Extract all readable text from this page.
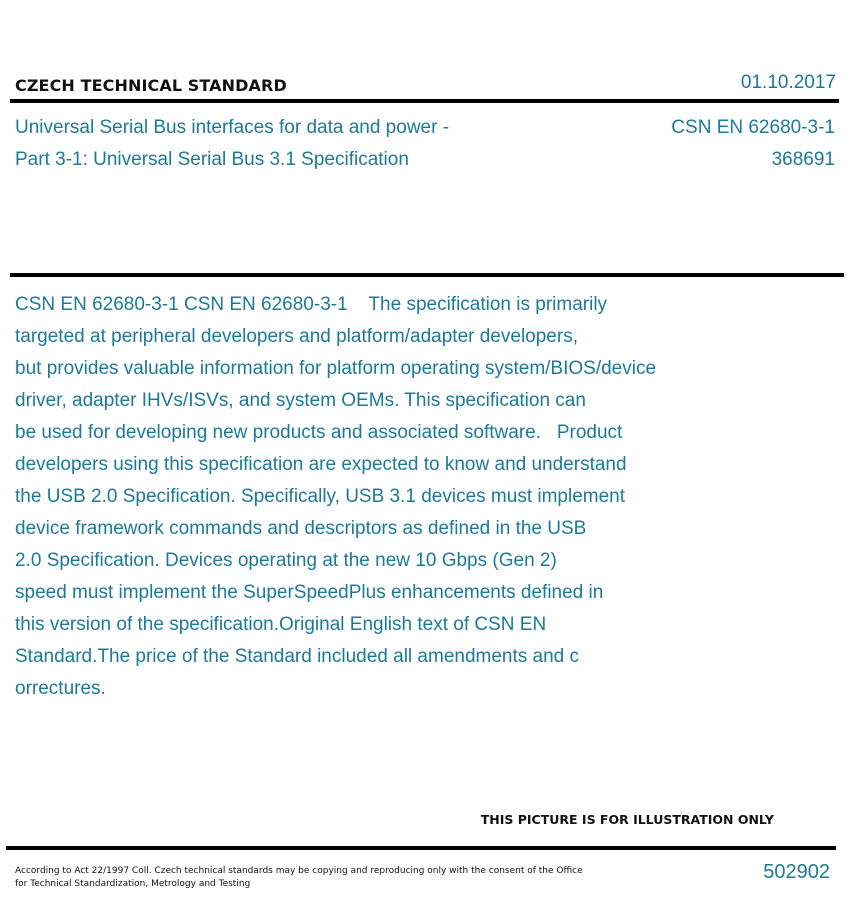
CZECH TECHNICAL STANDARD	01.10.2017
Universal Serial Bus interfaces for data and power -
Part 3-1: Universal Serial Bus 3.1 Specification
CSN EN 62680-3-1
368691
CSN EN 62680-3-1 CSN EN 62680-3-1    The specification is primarily
targeted at peripheral developers and platform/adapter developers,
but provides valuable information for platform operating system/BIOS/device
driver, adapter IHVs/ISVs, and system OEMs. This specification can
be used for developing new products and associated software.   Product
developers using this specification are expected to know and understand
the USB 2.0 Specification. Specifically, USB 3.1 devices must implement
device framework commands and descriptors as defined in the USB
2.0 Specification. Devices operating at the new 10 Gbps (Gen 2)
speed must implement the SuperSpeedPlus enhancements defined in
this version of the specification.Original English text of CSN EN
Standard.The price of the Standard included all amendments and c
orrectures.
THIS PICTURE IS FOR ILLUSTRATION ONLY
According to Act 22/1997 Coll. Czech technical standards may be copying and reproducing only with the consent of the Office
for Technical Standardization, Metrology and Testing
502902
